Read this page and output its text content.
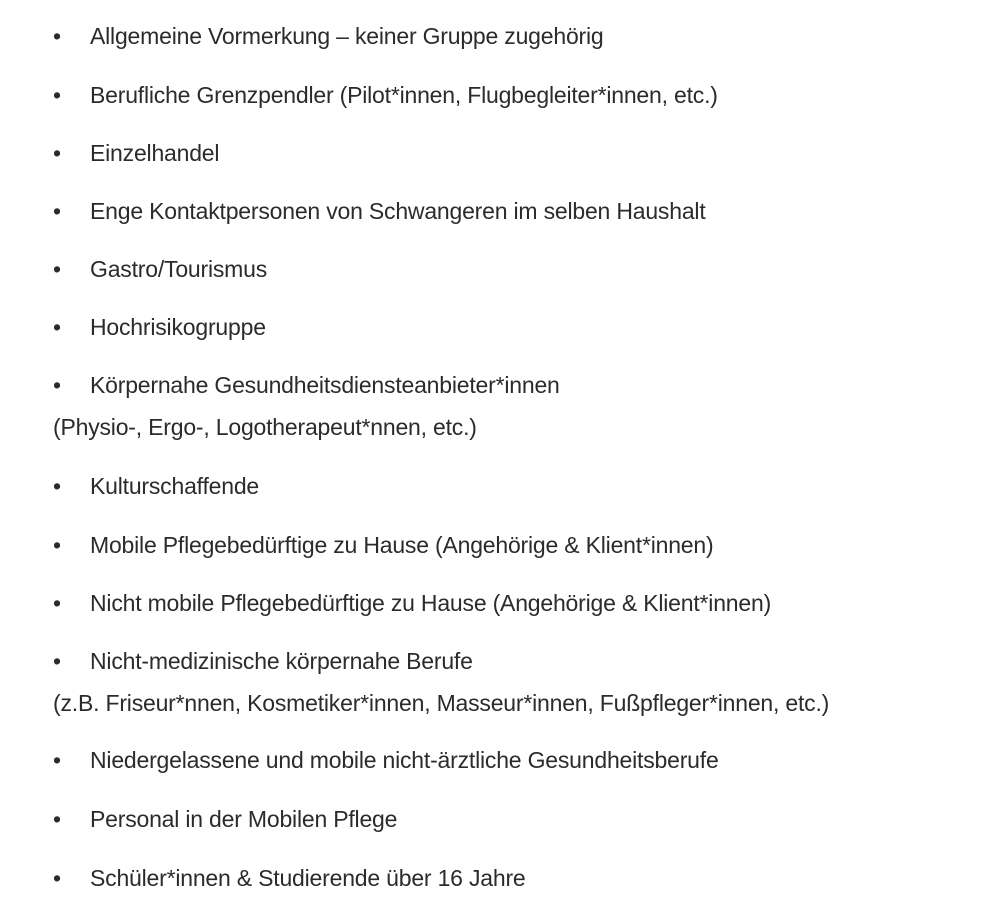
• Allgemeine Vormerkung – keiner Gruppe zugehörig
• Berufliche Grenzpendler (Pilot*innen, Flugbegleiter*innen, etc.)
• Einzelhandel
• Enge Kontaktpersonen von Schwangeren im selben Haushalt
• Gastro/Tourismus
• Hochrisikogruppe
• Körpernahe Gesundheitsdiensteanbieter*innen
(Physio-, Ergo-, Logotherapeut*nnen, etc.)
• Kulturschaffende
• Mobile Pflegebedürftige zu Hause (Angehörige & Klient*innen)
• Nicht mobile Pflegebedürftige zu Hause (Angehörige & Klient*innen)
• Nicht-medizinische körpernahe Berufe
(z.B. Friseur*nnen, Kosmetiker*innen, Masseur*innen, Fußpfleger*innen, etc.)
• Niedergelassene und mobile nicht-ärztliche Gesundheitsberufe
• Personal in der Mobilen Pflege
• Schüler*innen & Studierende über 16 Jahre
